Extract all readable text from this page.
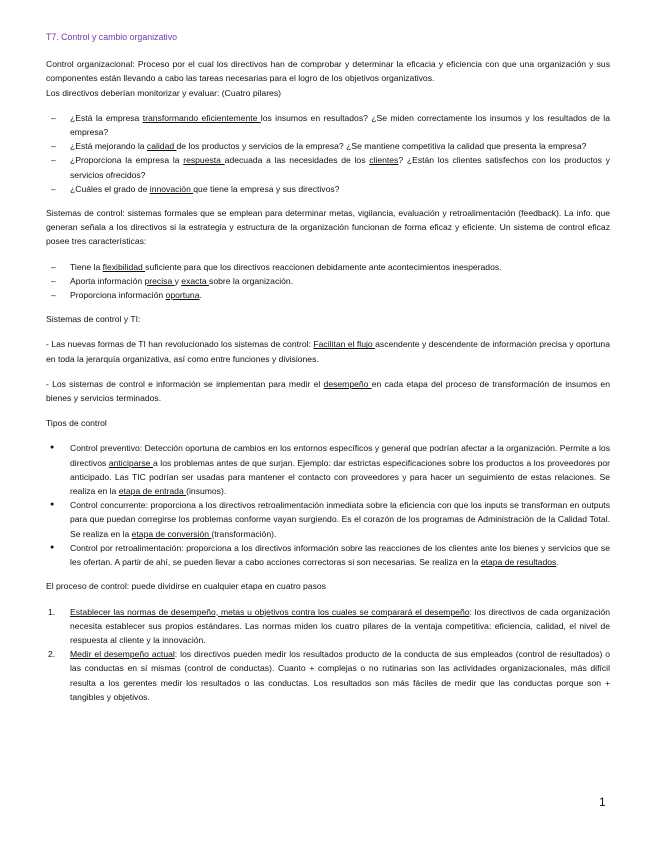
T7. Control y cambio organizativo

Control organizacional: Proceso por el cual los directivos han de comprobar y determinar la eficacia y eficiencia con que una organización y sus componentes están llevando a cabo las tareas necesarias para el logro de los objetivos organizativos.

Los directivos deberían monitorizar y evaluar: (Cuatro pilares)

– ¿Está la empresa transformando eficientemente los insumos en resultados? ¿Se miden correctamente los insumos y los resultados de la empresa?
– ¿Está mejorando la calidad de los productos y servicios de la empresa? ¿Se mantiene competitiva la calidad que presenta la empresa?
– ¿Proporciona la empresa la respuesta adecuada a las necesidades de los clientes? ¿Están los clientes satisfechos con los productos y servicios ofrecidos?
– ¿Cuáles el grado de innovación que tiene la empresa y sus directivos?

Sistemas de control: sistemas formales que se emplean para determinar metas, vigilancia, evaluación y retroalimentación (feedback). La info. que generan señala a los directivos si la estrategia y estructura de la organización funcionan de forma eficaz y eficiente. Un sistema de control eficaz posee tres características:

– Tiene la flexibilidad suficiente para que los directivos reaccionen debidamente ante acontecimientos inesperados.
– Aporta información precisa y exacta sobre la organización.
– Proporciona información oportuna.

Sistemas de control y TI:

- Las nuevas formas de TI han revolucionado los sistemas de control: Facilitan el flujo ascendente y descendente de información precisa y oportuna en toda la jerarquía organizativa, así como entre funciones y divisiones.

- Los sistemas de control e información se implementan para medir el desempeño en cada etapa del proceso de transformación de insumos en bienes y servicios terminados.

Tipos de control

● Control preventivo: Detección oportuna de cambios en los entornos específicos y general que podrían afectar a la organización. Permite a los directivos anticiparse a los problemas antes de que surjan. Ejemplo: dar estrictas especificaciones sobre los productos a los proveedores por anticipado. Las TIC podrían ser usadas para mantener el contacto con proveedores y para hacer un seguimiento de estas relaciones. Se realiza en la etapa de entrada (insumos).
● Control concurrente: proporciona a los directivos retroalimentación inmediata sobre la eficiencia con que los inputs se transforman en outputs para que puedan corregirse los problemas conforme vayan surgiendo. Es el corazón de los programas de Administración de la Calidad Total. Se realiza en la etapa de conversión (transformación).
● Control por retroalimentación: proporciona a los directivos información sobre las reacciones de los clientes ante los bienes y servicios que se les ofertan. A partir de ahí, se pueden llevar a cabo acciones correctoras si son necesarias. Se realiza en la etapa de resultados.

El proceso de control: puede dividirse en cualquier etapa en cuatro pasos

1. Establecer las normas de desempeño, metas u objetivos contra los cuales se comparará el desempeño: los directivos de cada organización necesita establecer sus propios estándares. Las normas miden los cuatro pilares de la ventaja competitiva: eficiencia, calidad, el nivel de respuesta al cliente y la innovación.
2. Medir el desempeño actual: los directivos pueden medir los resultados producto de la conducta de sus empleados (control de resultados) o las conductas en sí mismas (control de conductas). Cuanto + complejas o no rutinarias son las actividades organizacionales, más difícil resulta a los gerentes medir los resultados o las conductas. Los resultados son más fáciles de medir que las conductas porque son + tangibles y objetivos.
1
